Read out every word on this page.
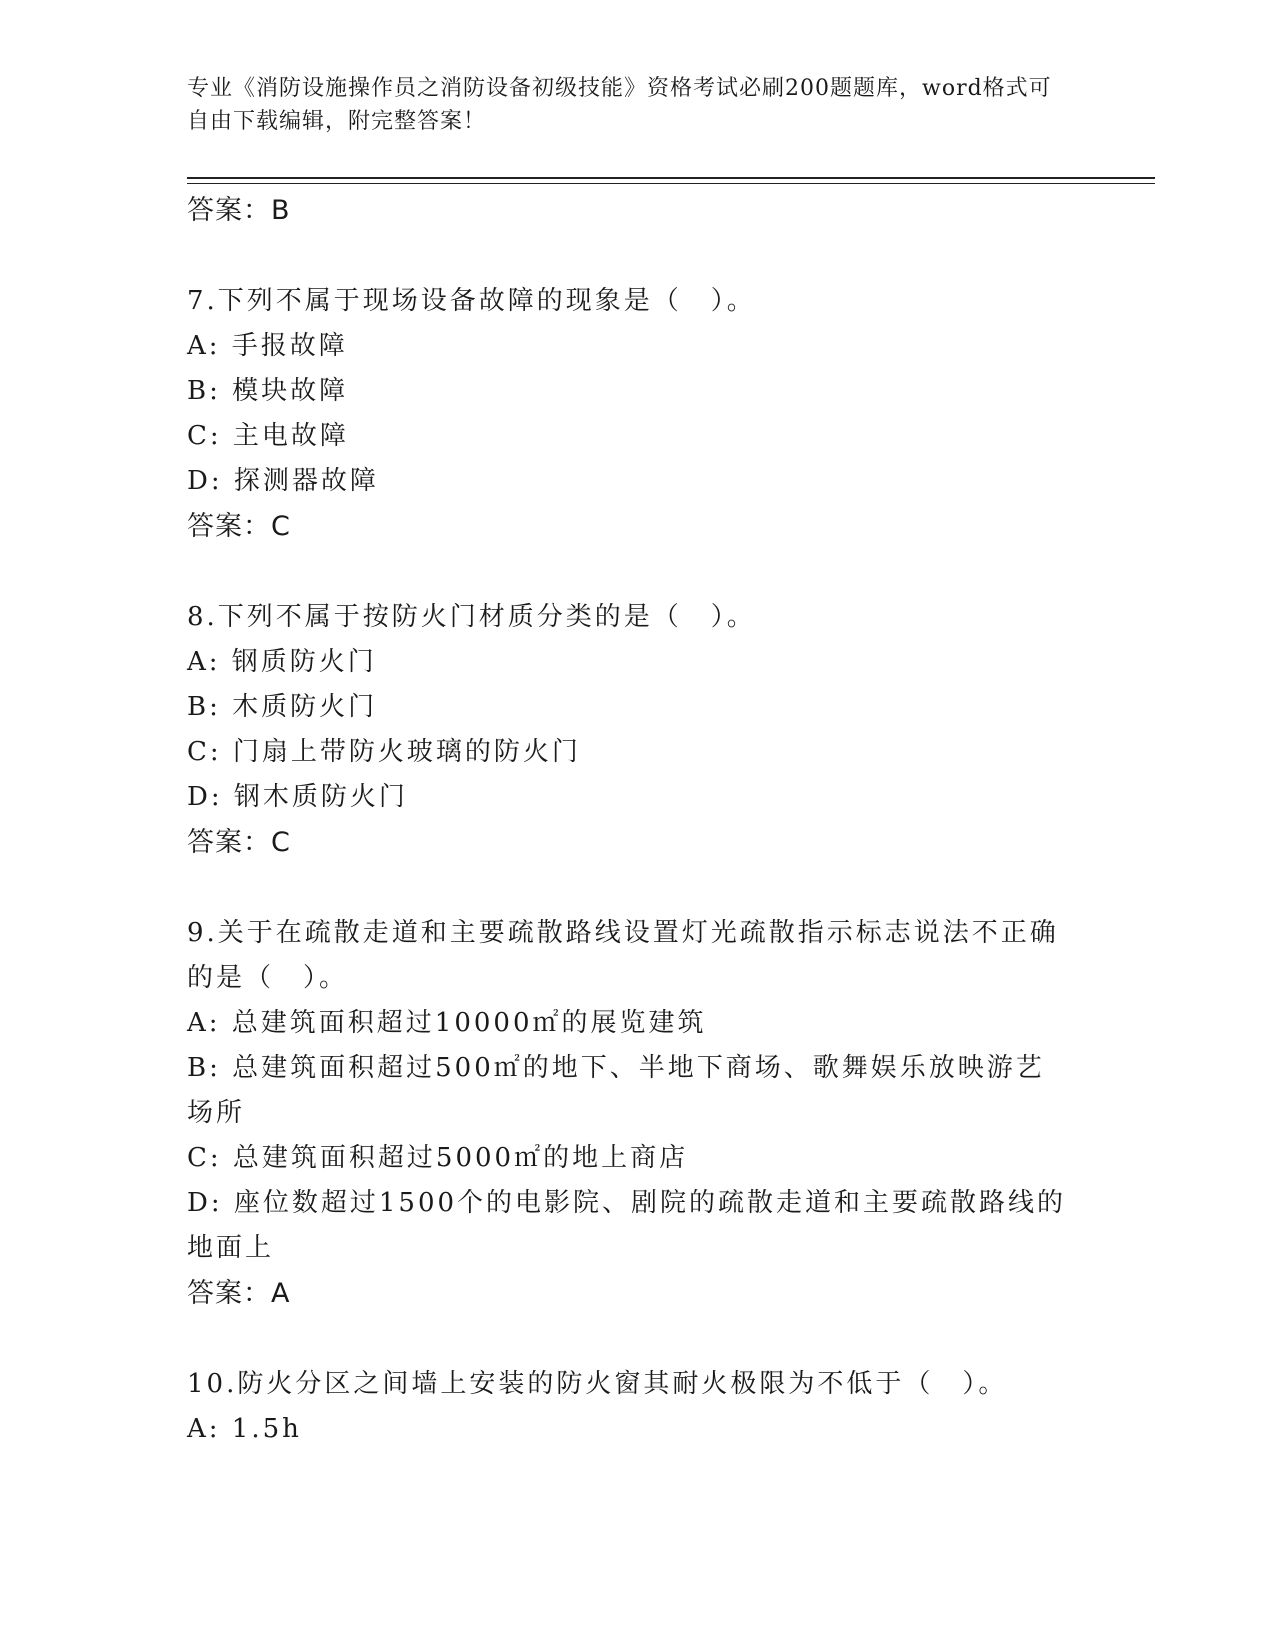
专业《消防设施操作员之消防设备初级技能》资格考试必刷200题题库，word格式可自由下载编辑，附完整答案！
答案：B
7.下列不属于现场设备故障的现象是（　）。
A: 手报故障
B: 模块故障
C: 主电故障
D: 探测器故障
答案：C
8.下列不属于按防火门材质分类的是（　）。
A: 钢质防火门
B: 木质防火门
C: 门扇上带防火玻璃的防火门
D: 钢木质防火门
答案：C
9.关于在疏散走道和主要疏散路线设置灯光疏散指示标志说法不正确的是（　）。
A: 总建筑面积超过10000㎡的展览建筑
B: 总建筑面积超过500㎡的地下、半地下商场、歌舞娱乐放映游艺场所
C: 总建筑面积超过5000㎡的地上商店
D: 座位数超过1500个的电影院、剧院的疏散走道和主要疏散路线的地面上
答案：A
10.防火分区之间墙上安装的防火窗其耐火极限为不低于（　）。
A: 1.5h
